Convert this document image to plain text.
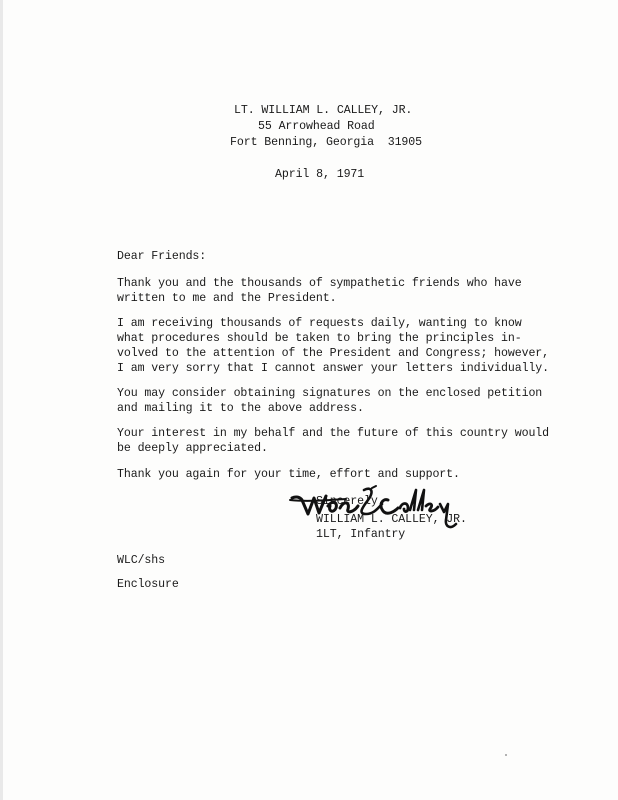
LT. WILLIAM L. CALLEY, JR.

55 Arrowhead Road

Fort Benning, Georgia  31905

April 8, 1971

Dear Friends:

Thank you and the thousands of sympathetic friends who have

written to me and the President.

I am receiving thousands of requests daily, wanting to know

what procedures should be taken to bring the principles in-

volved to the attention of the President and Congress; however,

I am very sorry that I cannot answer your letters individually.

You may consider obtaining signatures on the enclosed petition

and mailing it to the above address.

Your interest in my behalf and the future of this country would

be deeply appreciated.

Thank you again for your time, effort and support.

Sincerely,

WILLIAM L. CALLEY, JR.

1LT, Infantry

WLC/shs

Enclosure
